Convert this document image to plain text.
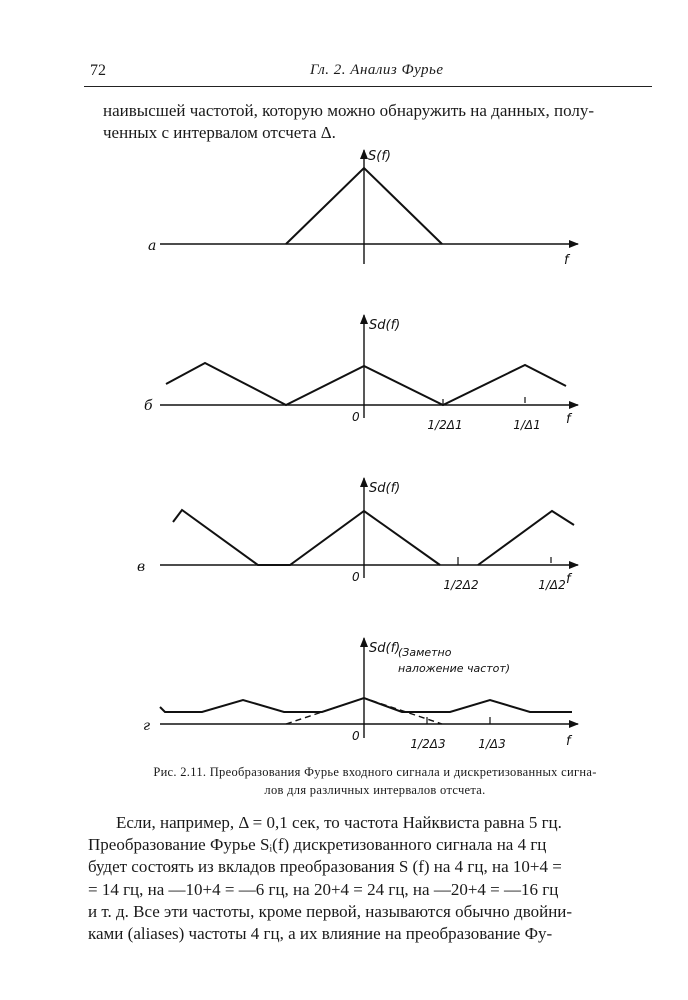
72	Гл. 2. Анализ Фурье
наивысшей частотой, которую можно обнаружить на данных, полу-
ченных с интервалом отсчета Δ.
а
S(f)
f
б
Sd(f)
0
1/2Δ1	1/Δ1 f
в
Sd(f)
0
1/2Δ2	1/Δ2 f
г
Sd(f)
(Заметно
наложение частот)
0
1/2Δ3	1/Δ3	f
Рис. 2.11. Преобразования Фурье входного сигнала и дискретизованных сигна-
лов для различных интервалов отсчета.
Если, например, Δ = 0,1 сек, то частота Найквиста равна 5 гц.
Преобразование Фурье Sᵢ(f) дискретизованного сигнала на 4 гц
будет состоять из вкладов преобразования S (f) на 4 гц, на 10+4 =
= 14 гц, на —10+4 = —6 гц, на 20+4 = 24 гц, на —20+4 = —16 гц
и т. д. Все эти частоты, кроме первой, называются обычно двойни-
ками (aliases) частоты 4 гц, а их влияние на преобразование Фу-
